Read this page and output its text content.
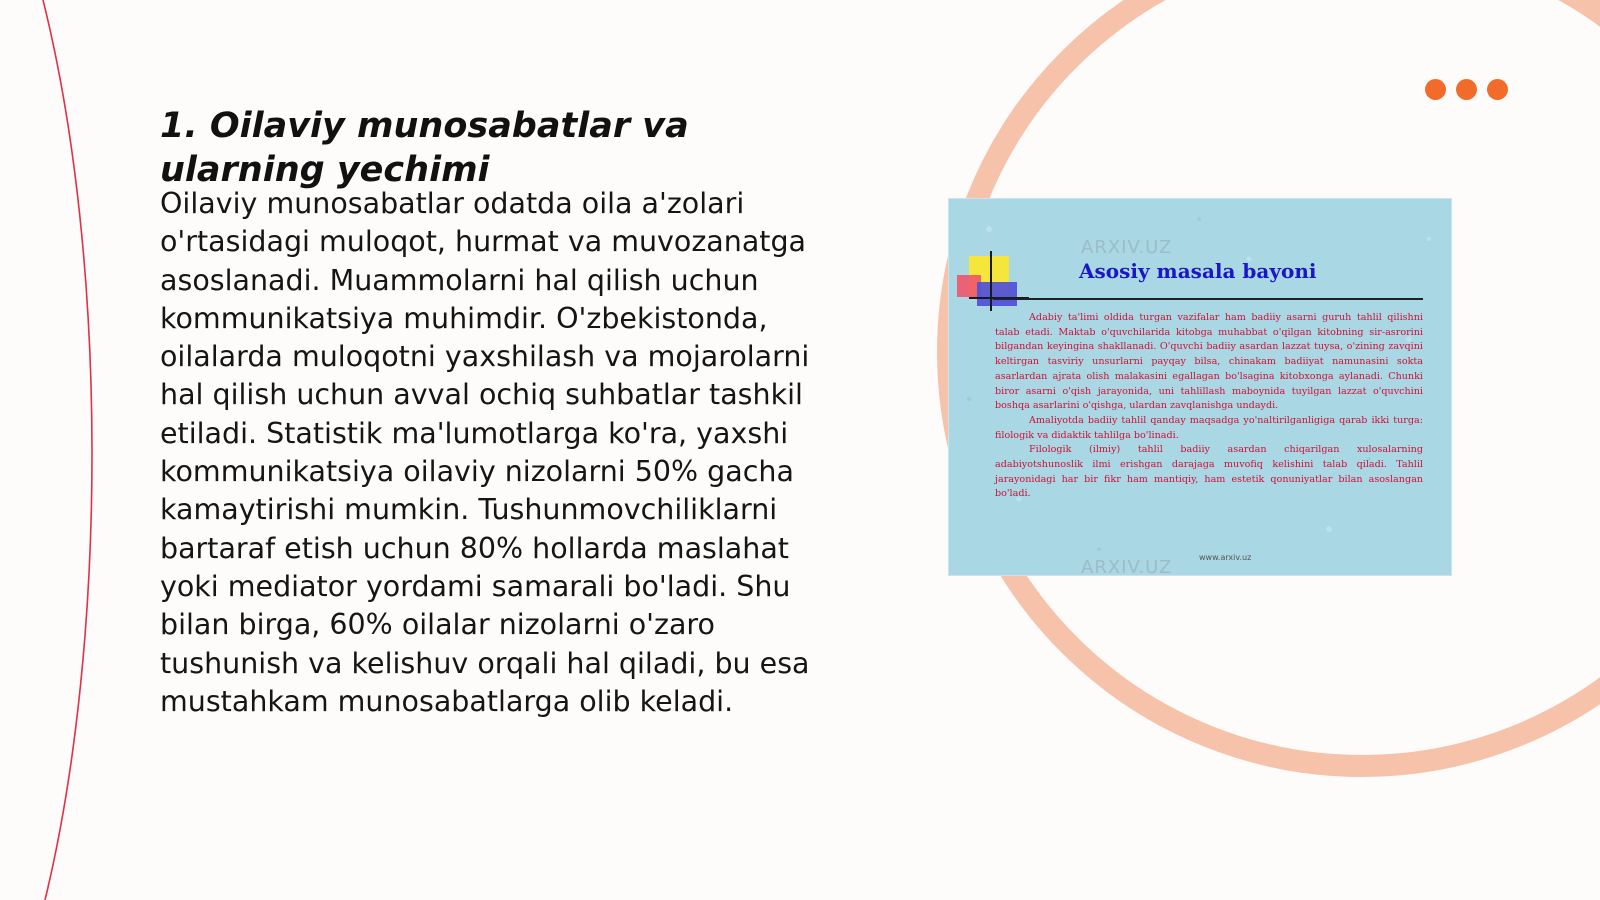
1. Oilaviy munosabatlar va ularning yechimi

Oilaviy munosabatlar odatda oila a'zolari o'rtasidagi muloqot, hurmat va muvozanatga asoslanadi. Muammolarni hal qilish uchun kommunikatsiya muhimdir. O'zbekistonda, oilalarda muloqotni yaxshilash va mojarolarni hal qilish uchun avval ochiq suhbatlar tashkil etiladi. Statistik ma'lumotlarga ko'ra, yaxshi kommunikatsiya oilaviy nizolarni 50% gacha kamaytirishi mumkin. Tushunmovchiliklarni bartaraf etish uchun 80% hollarda maslahat yoki mediator yordami samarali bo'ladi. Shu bilan birga, 60% oilalar nizolarni o'zaro tushunish va kelishuv orqali hal qiladi, bu esa mustahkam munosabatlarga olib keladi.

ARXIV.UZ
Asosiy masala bayoni

Adabiy ta'limi oldida turgan vazifalar ham badiiy asarni guruh tahlil qilishni talab etadi. Maktab o'quvchilarida kitobga muhabbat o'qilgan kitobning sir-asrorini bilgandan keyingina shakllanadi. O'quvchi badiiy asardan lazzat tuysa, o'zining zavqini keltirgan tasviriy unsurlarni payqay bilsa, chinakam badiiyat namunasini sokta asarlardan ajrata olish malakasini egallagan bo'lsagina kitobxonga aylanadi. Chunki biror asarni o'qish jarayonida, uni tahlillash maboynida tuyilgan lazzat o'quvchini boshqa asarlarini o'qishga, ulardan zavqlanishga undaydi.

Amaliyotda badiiy tahlil qanday maqsadga yo'naltirilganligiga qarab ikki turga: filologik va didaktik tahlilga bo'linadi.

Filologik (ilmiy) tahlil badiiy asardan chiqarilgan xulosalarning adabiyotshunoslik ilmi erishgan darajaga muvofiq kelishini talab qiladi. Tahlil jarayonidagi har bir fikr ham mantiqiy, ham estetik qonuniyatlar bilan asoslangan bo'ladi.

www.arxiv.uz
ARXIV.UZ
